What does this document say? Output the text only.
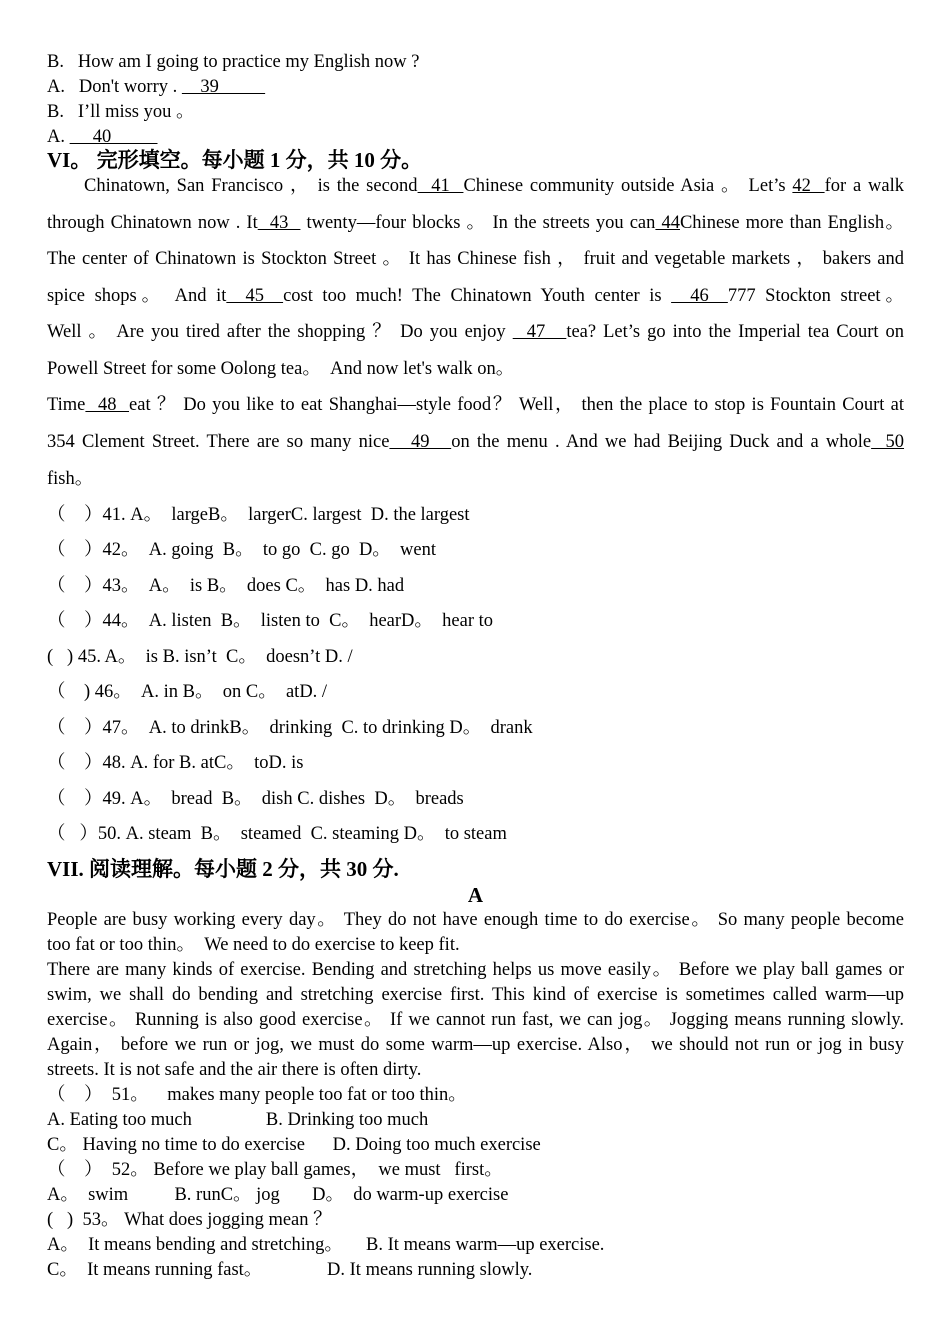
B.   How am I going to practice my English now ?
A.   Don't worry .     39
B.   I’ll miss you 。
A.      40
VI。 完形填空。每小题 1 分，共 10 分。
Chinatown, San Francisco ， is the second  41  Chinese community outside Asia 。 Let’s 42  for a walk
through Chinatown now . It  43   twenty—four blocks 。 In the streets you can 44Chinese more than English。
The center of Chinatown is Stockton Street 。 It has Chinese fish ， fruit and vegetable markets ， bakers and
spice shops。 And it  45  cost too much! The Chinatown Youth center is   46  777 Stockton street。
Well 。 Are you tired after the shopping ？ Do you enjoy   47   tea? Let’s go into the Imperial tea Court on
Powell Street for some Oolong tea。  And now let's walk on。
Time  48  eat ？ Do you like to eat Shanghai—style food？ Well， then the place to stop is Fountain Court at
354 Clement Street. There are so many nice   49   on the menu . And we had Beijing Duck and a whole  50
fish。
（    ）41. A。  largeB。  largerC. largest  D. the largest
（    ）42。  A. going  B。  to go  C. go  D。  went
（    ）43。  A。  is B。  does C。  has D. had
（    ）44。  A. listen  B。  listen to  C。  hearD。  hear to
(   ) 45. A。  is B. isn’t  C。  doesn’t D. /
（    ) 46。  A. in B。  on C。  atD. /
（    ）47。  A. to drinkB。  drinking  C. to drinking D。  drank
（    ）48. A. for B. atC。  toD. is
（    ）49. A。  bread  B。  dish C. dishes  D。  breads
（   ）50. A. steam  B。  steamed  C. steaming D。  to steam
VII. 阅读理解。每小题 2 分，共 30 分.
A
People are busy working every day。 They do not have enough time to do exercise。 So many people become
too fat or too thin。  We need to do exercise to keep fit.
There are many kinds of exercise. Bending and stretching helps us move easily。 Before we play ball games or
swim, we shall do bending and stretching exercise first. This kind of exercise is sometimes called warm—up
exercise。 Running is also good exercise。 If we cannot run fast, we can jog。 Jogging means running slowly.
Again， before we run or jog, we must do some warm—up exercise. Also， we should not run or jog in busy
streets. It is not safe and the air there is often dirty.
（    ）  51。    makes many people too fat or too thin。
A. Eating too much                B. Drinking too much
C。 Having no time to do exercise      D. Doing too much exercise
（    ）  52。 Before we play ball games，  we must   first。
A。  swim          B. runC。 jog       D。  do warm-up exercise
(   )  53。 What does jogging mean ？
A。  It means bending and stretching。     B. It means warm—up exercise.
C。  It means running fast。              D. It means running slowly.
